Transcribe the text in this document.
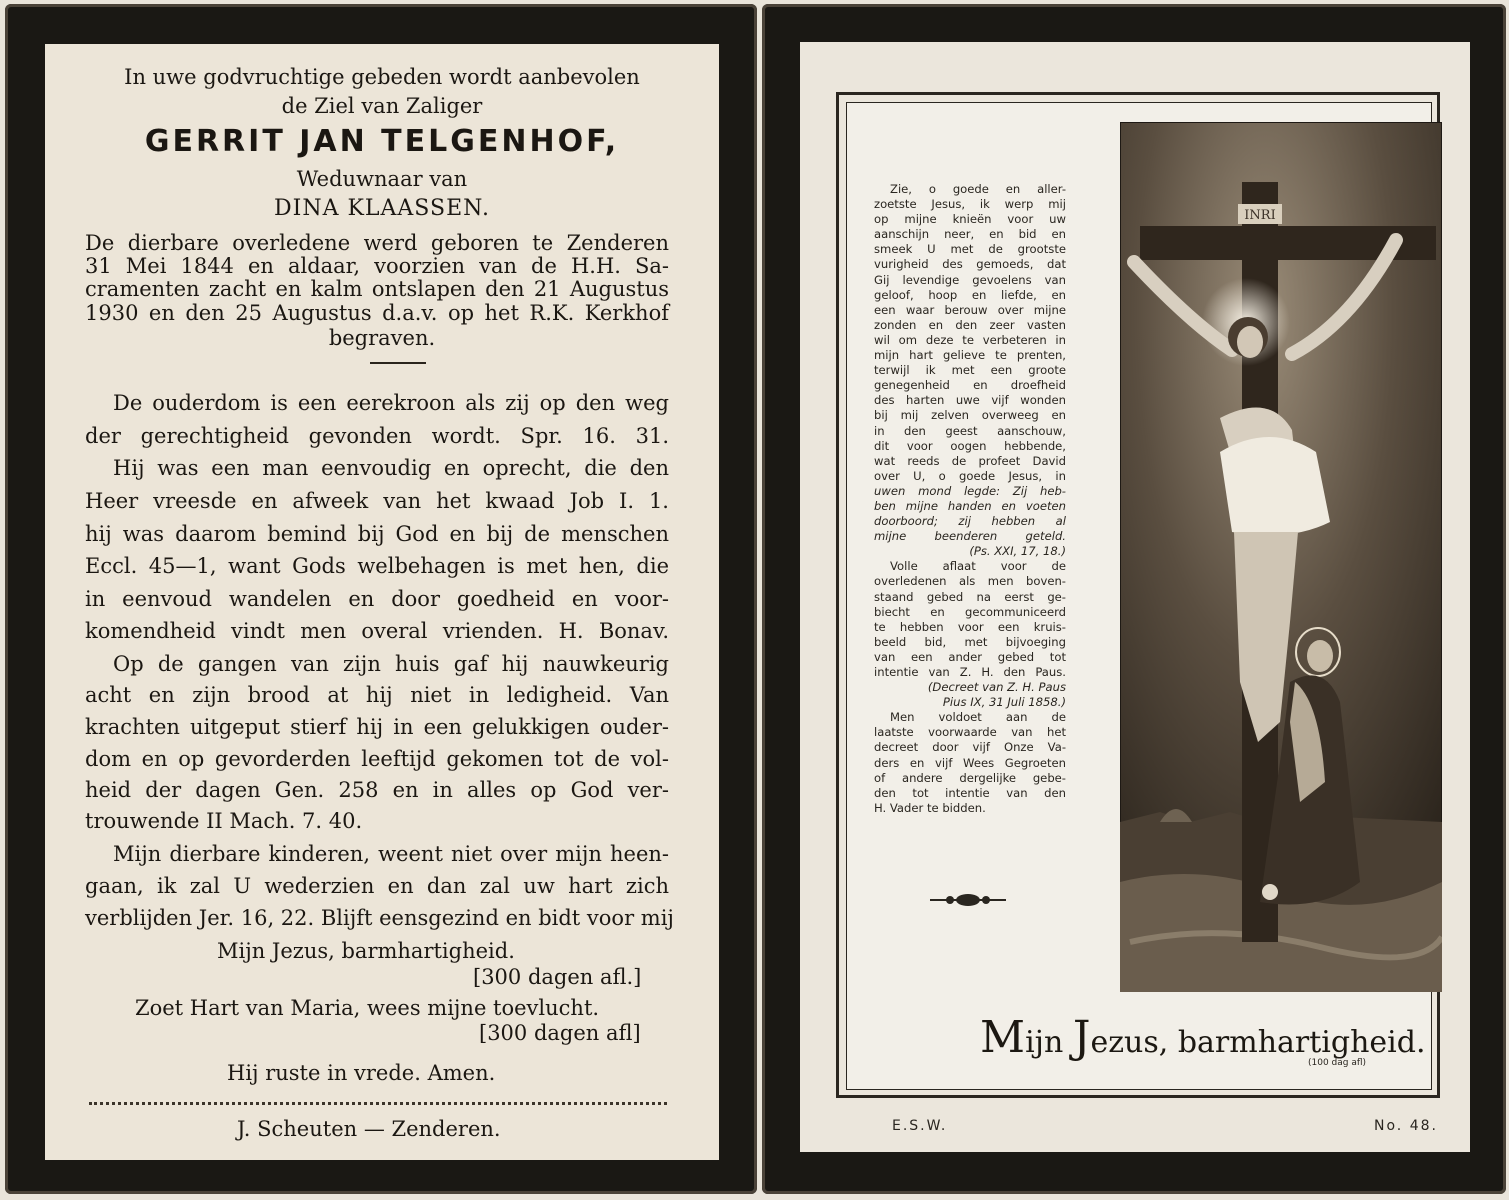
In uwe godvruchtige gebeden wordt aanbevolen
de Ziel van Zaliger
GERRIT JAN TELGENHOF,
Weduwnaar van
DINA KLAASSEN.
De dierbare overledene werd geboren te Zenderen
31 Mei 1844 en aldaar, voorzien van de H.H. Sa-
cramenten zacht en kalm ontslapen den 21 Augustus
1930 en den 25 Augustus d.a.v. op het R.K. Kerkhof
begraven.
De ouderdom is een eerekroon als zij op den weg
der gerechtigheid gevonden wordt. Spr. 16. 31.
Hij was een man eenvoudig en oprecht, die den
Heer vreesde en afweek van het kwaad Job I. 1.
hij was daarom bemind bij God en bij de menschen
Eccl. 45—1, want Gods welbehagen is met hen, die
in eenvoud wandelen en door goedheid en voor-
komendheid vindt men overal vrienden. H. Bonav.
Op de gangen van zijn huis gaf hij nauwkeurig
acht en zijn brood at hij niet in ledigheid. Van
krachten uitgeput stierf hij in een gelukkigen ouder-
dom en op gevorderden leeftijd gekomen tot de vol-
heid der dagen Gen. 258 en in alles op God ver-
trouwende II Mach. 7. 40.
Mijn dierbare kinderen, weent niet over mijn heen-
gaan, ik zal U wederzien en dan zal uw hart zich
verblijden Jer. 16, 22. Blijft eensgezind en bidt voor mij
Mijn Jezus, barmhartigheid.
[300 dagen afl.]
Zoet Hart van Maria, wees mijne toevlucht.
[300 dagen afl]
Hij ruste in vrede. Amen.
J. Scheuten — Zenderen.

Zie, o goede en aller-

zoetste Jesus, ik werp mij

op mijne knieën voor uw

aanschijn neer, en bid en

smeek U met de grootste

vurigheid des gemoeds, dat

Gij levendige gevoelens van

geloof, hoop en liefde, en

een waar berouw over mijne

zonden en den zeer vasten

wil om deze te verbeteren in

mijn hart gelieve te prenten,

terwijl ik met een groote

genegenheid en droefheid

des harten uwe vijf wonden

bij mij zelven overweeg en

in den geest aanschouw,

dit voor oogen hebbende,

wat reeds de profeet David

over U, o goede Jesus, in

uwen mond legde: Zij heb-

ben mijne handen en voeten

doorboord; zij hebben al

mijne beenderen geteld.

(Ps. XXI, 17, 18.)

Volle aflaat voor de

overledenen als men boven-

staand gebed na eerst ge-

biecht en gecommuniceerd

te hebben voor een kruis-

beeld bid, met bijvoeging

van een ander gebed tot

intentie van Z. H. den Paus.

(Decreet van Z. H. Paus

Pius IX, 31 Juli 1858.)

Men voldoet aan de

laatste voorwaarde van het

decreet door vijf Onze Va-

ders en vijf Wees Gegroeten

of andere dergelijke gebe-

den tot intentie van den

H. Vader te bidden.

INRI
Mijn Jezus, barmhartigheid.
(100 dag afl)
E.S.W.	No. 48.
